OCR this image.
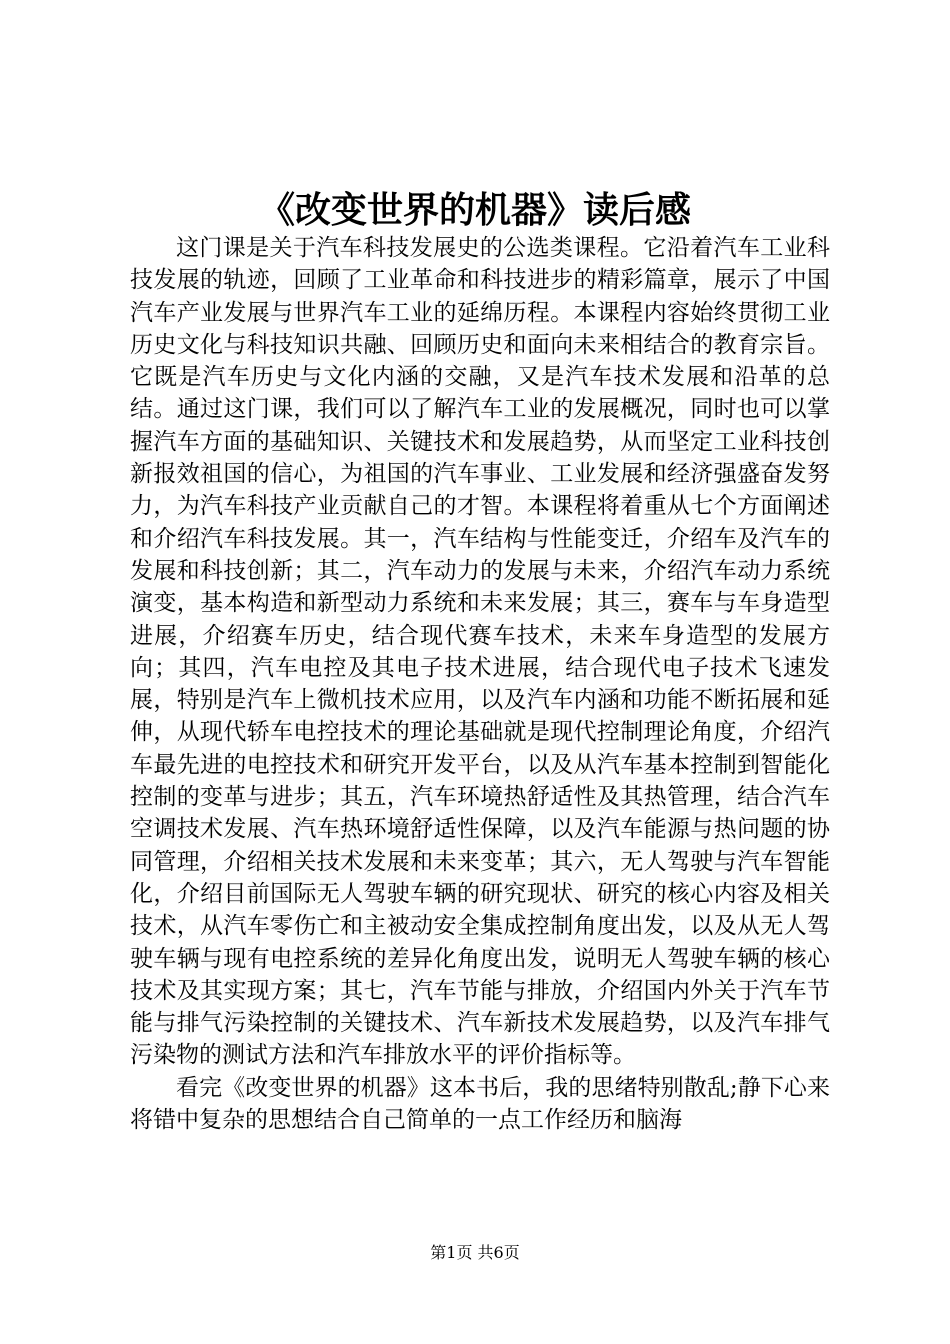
《改变世界的机器》读后感

这门课是关于汽车科技发展史的公选类课程。它沿着汽车工业科技发展的轨迹，回顾了工业革命和科技进步的精彩篇章，展示了中国汽车产业发展与世界汽车工业的延绵历程。本课程内容始终贯彻工业历史文化与科技知识共融、回顾历史和面向未来相结合的教育宗旨。它既是汽车历史与文化内涵的交融，又是汽车技术发展和沿革的总结。通过这门课，我们可以了解汽车工业的发展概况，同时也可以掌握汽车方面的基础知识、关键技术和发展趋势，从而坚定工业科技创新报效祖国的信心，为祖国的汽车事业、工业发展和经济强盛奋发努力，为汽车科技产业贡献自己的才智。本课程将着重从七个方面阐述和介绍汽车科技发展。其一，汽车结构与性能变迁，介绍车及汽车的发展和科技创新；其二，汽车动力的发展与未来，介绍汽车动力系统演变，基本构造和新型动力系统和未来发展；其三，赛车与车身造型进展，介绍赛车历史，结合现代赛车技术，未来车身造型的发展方向；其四，汽车电控及其电子技术进展，结合现代电子技术飞速发展，特别是汽车上微机技术应用，以及汽车内涵和功能不断拓展和延伸，从现代轿车电控技术的理论基础就是现代控制理论角度，介绍汽车最先进的电控技术和研究开发平台，以及从汽车基本控制到智能化控制的变革与进步；其五，汽车环境热舒适性及其热管理，结合汽车空调技术发展、汽车热环境舒适性保障，以及汽车能源与热问题的协同管理，介绍相关技术发展和未来变革；其六，无人驾驶与汽车智能化，介绍目前国际无人驾驶车辆的研究现状、研究的核心内容及相关技术，从汽车零伤亡和主被动安全集成控制角度出发，以及从无人驾驶车辆与现有电控系统的差异化角度出发，说明无人驾驶车辆的核心技术及其实现方案；其七，汽车节能与排放，介绍国内外关于汽车节能与排气污染控制的关键技术、汽车新技术发展趋势，以及汽车排气污染物的测试方法和汽车排放水平的评价指标等。

看完《改变世界的机器》这本书后，我的思绪特别散乱;静下心来将错中复杂的思想结合自己简单的一点工作经历和脑海

第1页 共6页
